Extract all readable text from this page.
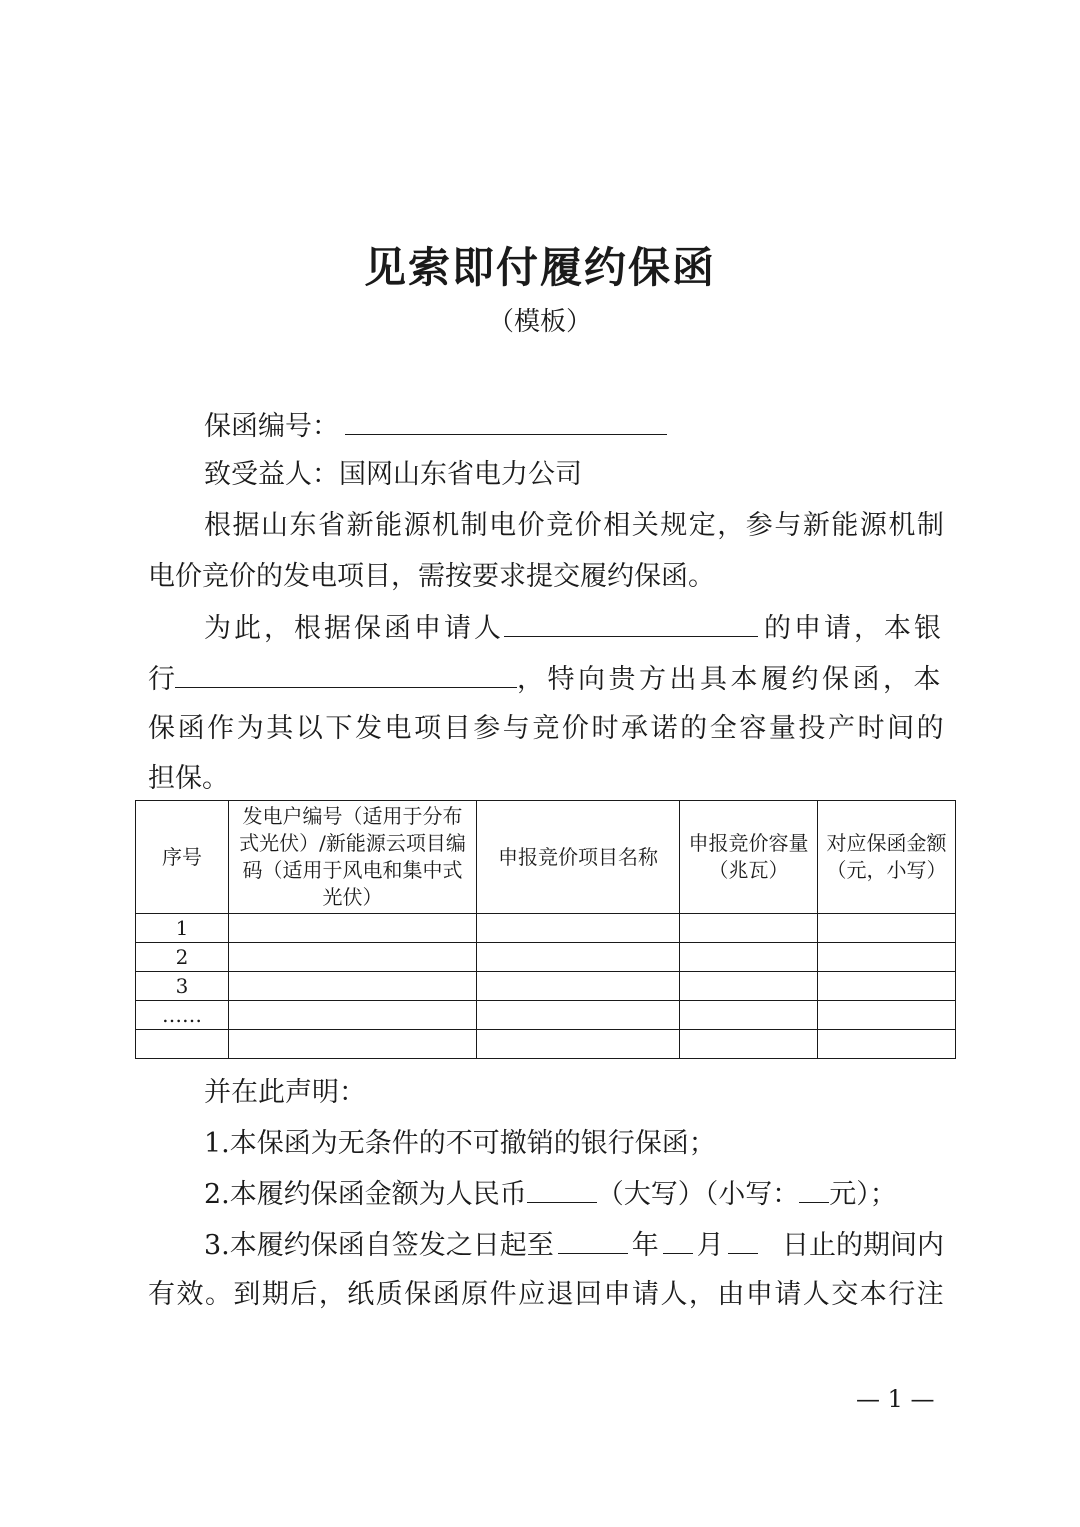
见索即付履约保函
（模板）
保函编号：
致受益人：国网山东省电力公司
根 据 山 东 省 新 能 源 机 制 电 价 竞 价 相 关 规 定 ， 参 与 新 能 源 机 制
电价竞价的发电项目，需按要求提交履约保函。
为此，根据保函申请人	的申请，本银
行	，特向贵方出具本履约保函，本
保 函 作 为 其 以 下 发 电 项 目 参 与 竞 价 时 承 诺 的 全 容 量 投 产 时 间 的
担保。
序号	发电户编号（适用于分布式光伏）/新能源云项目编码（适用于风电和集中式光伏）	申报竞价项目名称	申报竞价容量（兆瓦）	对应保函金额（元，小写）
1				
2				
3				
……				

并在此声明：
1.本保函为无条件的不可撤销的银行保函；
2.本履约保函金额为人民币	（大写）（小写： 元）；
3.本履约保函自签发之日起至	年 月 日止的期间内
有 效 。 到 期 后 ， 纸 质 保 函 原 件 应 退 回 申 请 人 ， 由 申 请 人 交 本 行 注
— 1 —
